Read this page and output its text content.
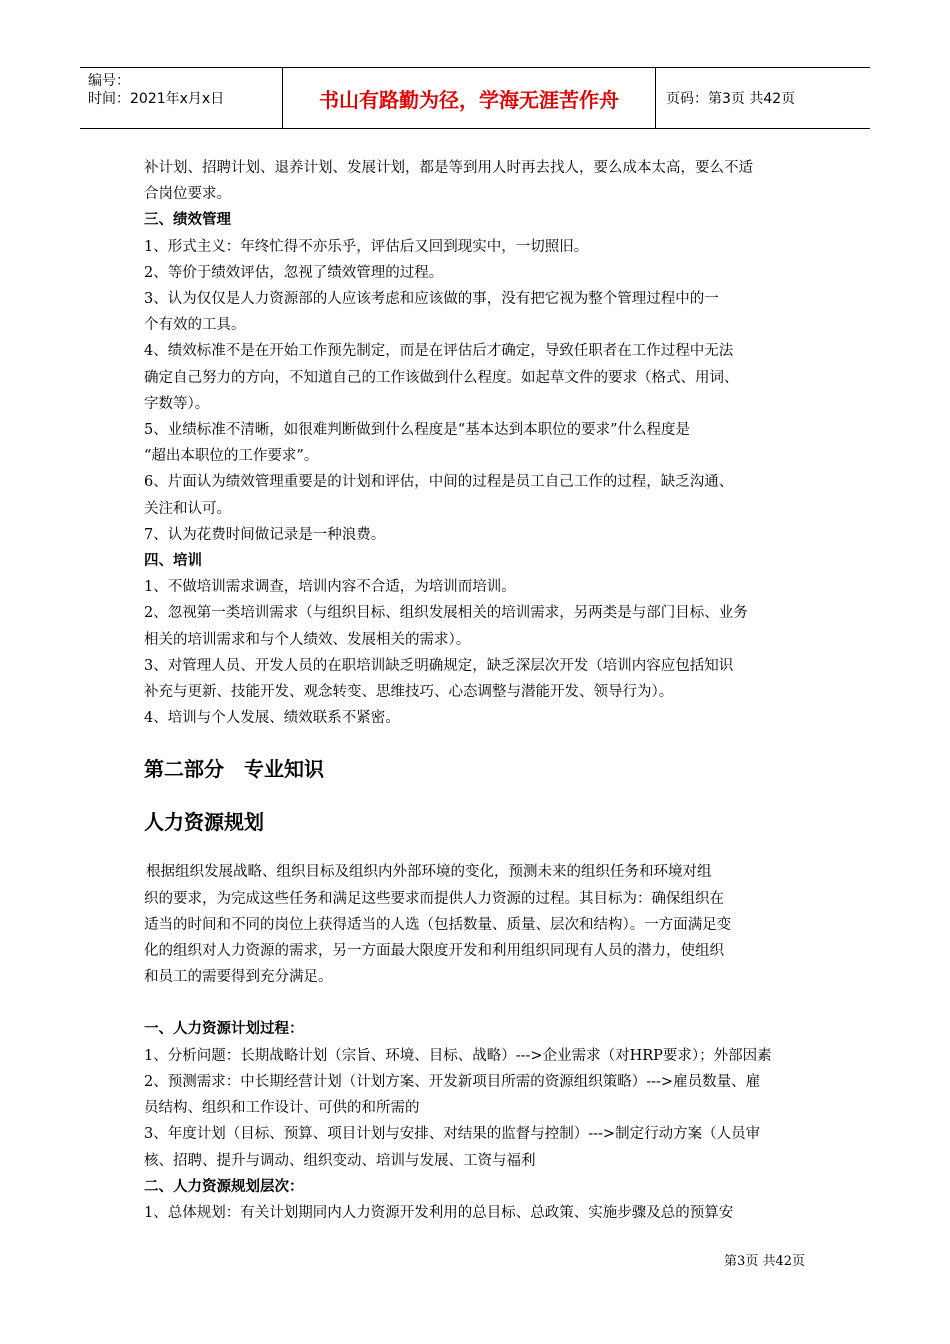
编号：
时间：2021年x月x日	书山有路勤为径，学海无涯苦作舟	页码：第3页 共42页

补计划、招聘计划、退养计划、发展计划，都是等到用人时再去找人，要么成本太高，要么不适

合岗位要求。

三、绩效管理

1、形式主义：年终忙得不亦乐乎，评估后又回到现实中，一切照旧。

2、等价于绩效评估，忽视了绩效管理的过程。

3、认为仅仅是人力资源部的人应该考虑和应该做的事，没有把它视为整个管理过程中的一

个有效的工具。

4、绩效标准不是在开始工作预先制定，而是在评估后才确定，导致任职者在工作过程中无法

确定自己努力的方向，不知道自己的工作该做到什么程度。如起草文件的要求（格式、用词、

字数等）。

5、业绩标准不清晰，如很难判断做到什么程度是“基本达到本职位的要求”什么程度是

“超出本职位的工作要求”。

6、片面认为绩效管理重要是的计划和评估，中间的过程是员工自己工作的过程，缺乏沟通、

关注和认可。

7、认为花费时间做记录是一种浪费。

四、培训

1、不做培训需求调查，培训内容不合适，为培训而培训。

2、忽视第一类培训需求（与组织目标、组织发展相关的培训需求，另两类是与部门目标、业务

相关的培训需求和与个人绩效、发展相关的需求）。

3、对管理人员、开发人员的在职培训缺乏明确规定，缺乏深层次开发（培训内容应包括知识

补充与更新、技能开发、观念转变、思维技巧、心态调整与潜能开发、领导行为）。

4、培训与个人发展、绩效联系不紧密。

第二部分　专业知识
人力资源规划

根据组织发展战略、组织目标及组织内外部环境的变化，预测未来的组织任务和环境对组

织的要求，为完成这些任务和满足这些要求而提供人力资源的过程。其目标为：确保组织在

适当的时间和不同的岗位上获得适当的人选（包括数量、质量、层次和结构）。一方面满足变

化的组织对人力资源的需求，另一方面最大限度开发和利用组织同现有人员的潜力，使组织

和员工的需要得到充分满足。

一、人力资源计划过程：

1、分析问题：长期战略计划（宗旨、环境、目标、战略）--->企业需求（对HRP要求）；外部因素

2、预测需求：中长期经营计划（计划方案、开发新项目所需的资源组织策略）--->雇员数量、雇

员结构、组织和工作设计、可供的和所需的

3、年度计划（目标、预算、项目计划与安排、对结果的监督与控制）--->制定行动方案（人员审

核、招聘、提升与调动、组织变动、培训与发展、工资与福利

二、人力资源规划层次：

1、总体规划：有关计划期同内人力资源开发利用的总目标、总政策、实施步骤及总的预算安

第3页 共42页
